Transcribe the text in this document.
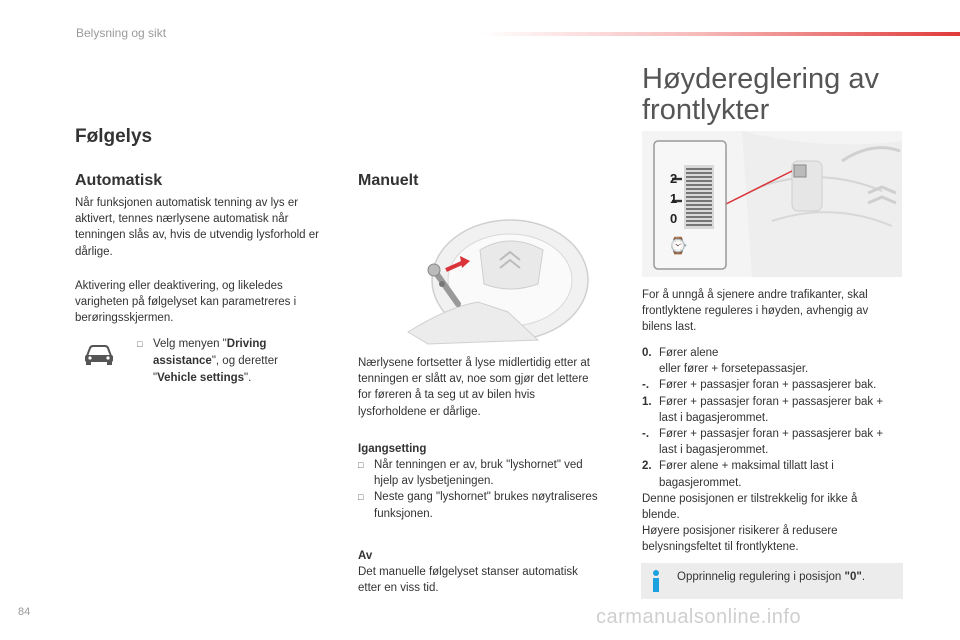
Belysning og sikt
Følgelys
Automatisk

Når funksjonen automatisk tenning av lys er aktivert, tennes nærlysene automatisk når tenningen slås av, hvis de utvendig lysforhold er dårlige.

Aktivering eller deaktivering, og likeledes varigheten på følgelyset kan parametreres i berøringsskjermen.

□ Velg menyen "Driving assistance", og deretter "Vehicle settings".
Manuelt

Nærlysene fortsetter å lyse midlertidig etter at tenningen er slått av, noe som gjør det lettere for føreren å ta seg ut av bilen hvis lysforholdene er dårlige.

Igangsetting

□ Når tenningen er av, bruk "lyshornet" ved hjelp av lysbetjeningen.
□ Neste gang "lyshornet" brukes nøytraliseres funksjonen.

Av

Det manuelle følgelyset stanser automatisk etter en viss tid.

Høydereglering av frontlykter
⌚
2
1
0

For å unngå å sjenere andre trafikanter, skal frontlyktene reguleres i høyden, avhengig av bilens last.

0. Fører alene
eller fører + forsetepassasjer.
-. Fører + passasjer foran + passasjerer bak.
1. Fører + passasjer foran + passasjerer bak +
last i bagasjerommet.
-. Fører + passasjer foran + passasjerer bak +
last i bagasjerommet.
2. Fører alene + maksimal tillatt last i
bagasjerommet.

Denne posisjonen er tilstrekkelig for ikke å blende.

Høyere posisjoner risikerer å redusere belysningsfeltet til frontlyktene.

Opprinnelig regulering i posisjon "0".
84	carmanualsonline.info
